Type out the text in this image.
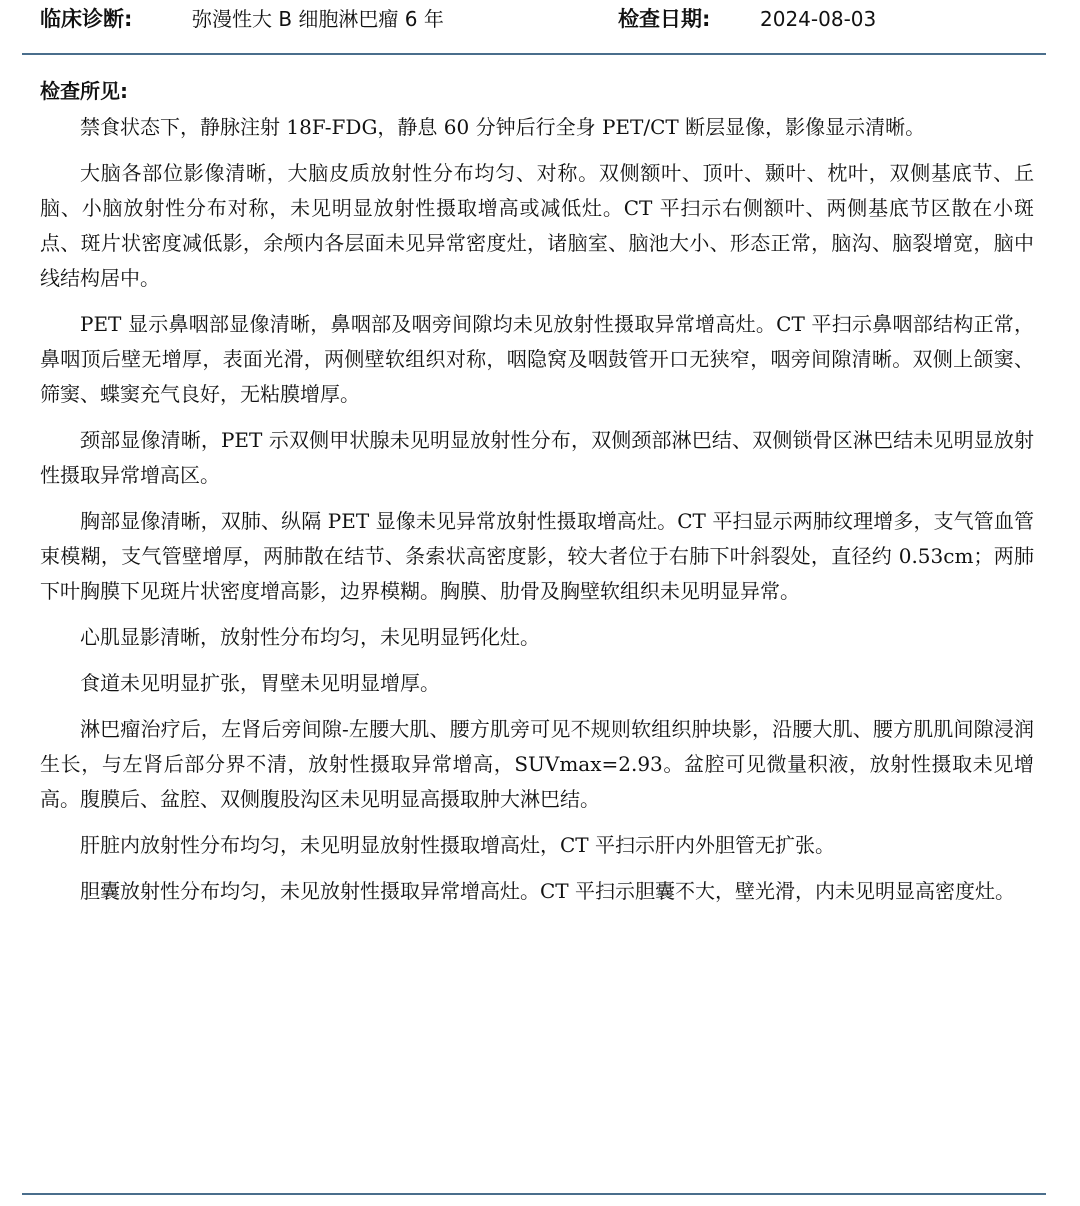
临床诊断:	弥漫性大 B 细胞淋巴瘤 6 年	检查日期: 2024-08-03
检查所见:

禁食状态下，静脉注射 18F-FDG，静息 60 分钟后行全身 PET/CT 断层显像，影像显示清晰。

大脑各部位影像清晰，大脑皮质放射性分布均匀、对称。双侧额叶、顶叶、颞叶、枕叶，双侧基底节、丘脑、小脑放射性分布对称，未见明显放射性摄取增高或减低灶。CT 平扫示右侧额叶、两侧基底节区散在小斑点、斑片状密度减低影，余颅内各层面未见异常密度灶，诸脑室、脑池大小、形态正常，脑沟、脑裂增宽，脑中线结构居中。

PET 显示鼻咽部显像清晰，鼻咽部及咽旁间隙均未见放射性摄取异常增高灶。CT 平扫示鼻咽部结构正常，鼻咽顶后壁无增厚，表面光滑，两侧壁软组织对称，咽隐窝及咽鼓管开口无狭窄，咽旁间隙清晰。双侧上颌窦、筛窦、蝶窦充气良好，无粘膜增厚。

颈部显像清晰，PET 示双侧甲状腺未见明显放射性分布，双侧颈部淋巴结、双侧锁骨区淋巴结未见明显放射性摄取异常增高区。

胸部显像清晰，双肺、纵隔 PET 显像未见异常放射性摄取增高灶。CT 平扫显示两肺纹理增多，支气管血管束模糊，支气管壁增厚，两肺散在结节、条索状高密度影，较大者位于右肺下叶斜裂处，直径约 0.53cm；两肺下叶胸膜下见斑片状密度增高影，边界模糊。胸膜、肋骨及胸壁软组织未见明显异常。

心肌显影清晰，放射性分布均匀，未见明显钙化灶。

食道未见明显扩张，胃壁未见明显增厚。

淋巴瘤治疗后，左肾后旁间隙-左腰大肌、腰方肌旁可见不规则软组织肿块影，沿腰大肌、腰方肌肌间隙浸润生长，与左肾后部分界不清，放射性摄取异常增高，SUVmax=2.93。盆腔可见微量积液，放射性摄取未见增高。腹膜后、盆腔、双侧腹股沟区未见明显高摄取肿大淋巴结。

肝脏内放射性分布均匀，未见明显放射性摄取增高灶，CT 平扫示肝内外胆管无扩张。

胆囊放射性分布均匀，未见放射性摄取异常增高灶。CT 平扫示胆囊不大，壁光滑，内未见明显高密度灶。
